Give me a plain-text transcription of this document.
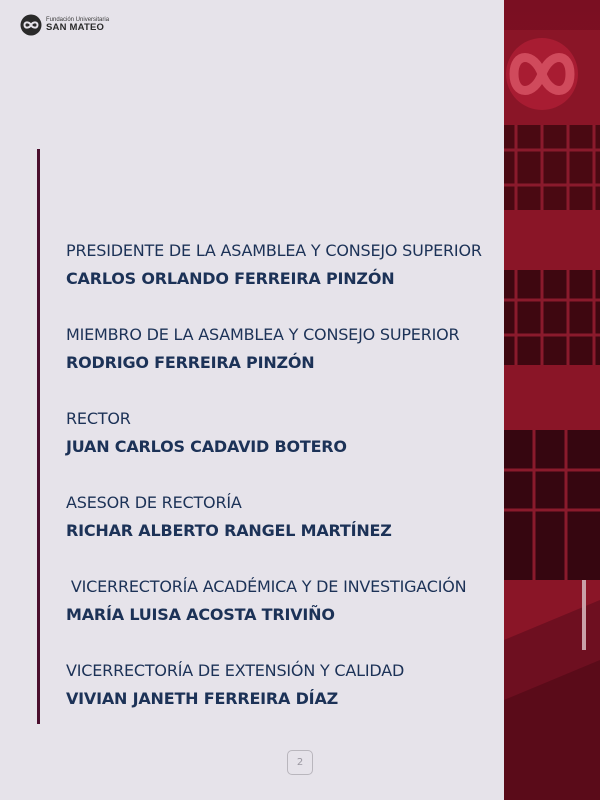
Fundación Universitaria
SAN MATEO
PRESIDENTE DE LA ASAMBLEA Y CONSEJO SUPERIOR
CARLOS ORLANDO FERREIRA PINZÓN
MIEMBRO DE LA ASAMBLEA Y CONSEJO SUPERIOR
RODRIGO FERREIRA PINZÓN
RECTOR
JUAN CARLOS CADAVID BOTERO
ASESOR DE RECTORÍA
RICHAR ALBERTO RANGEL MARTÍNEZ
VICERRECTORÍA ACADÉMICA Y DE INVESTIGACIÓN
MARÍA LUISA ACOSTA TRIVIÑO
VICERRECTORÍA DE EXTENSIÓN Y CALIDAD
VIVIAN JANETH FERREIRA DÍAZ
2
